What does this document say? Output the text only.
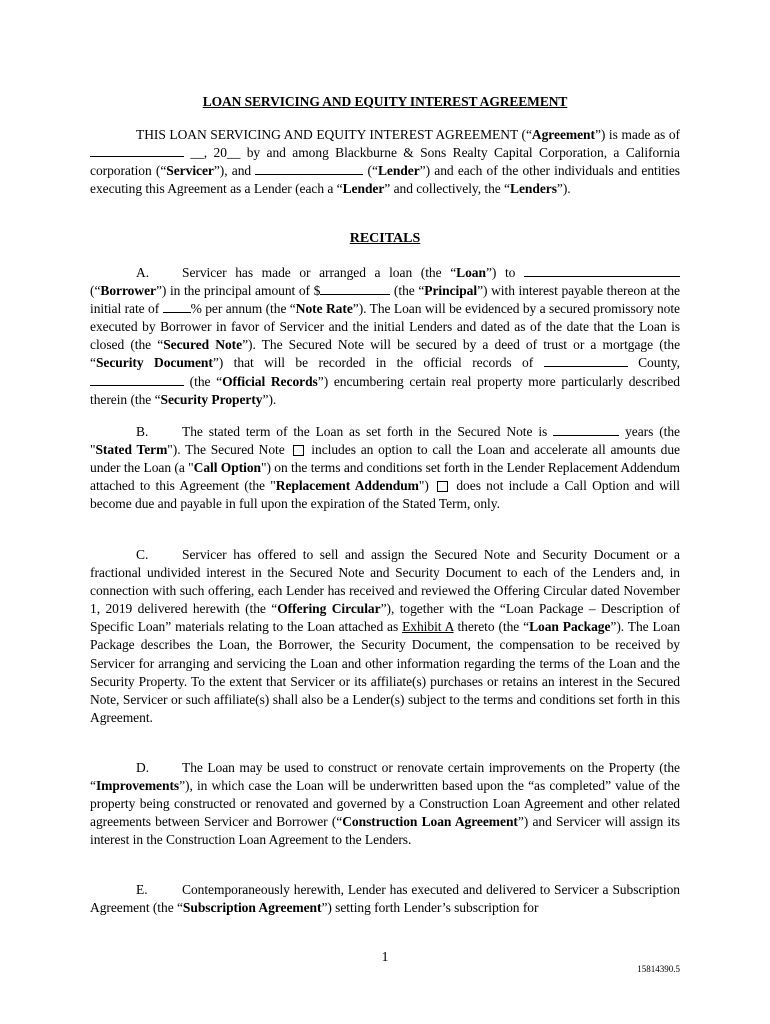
LOAN SERVICING AND EQUITY INTEREST AGREEMENT
THIS LOAN SERVICING AND EQUITY INTEREST AGREEMENT (“Agreement”) is made as of  __, 20__ by and among Blackburne & Sons Realty Capital Corporation, a California corporation (“Servicer”), and	(“Lender”) and each of the other individuals and entities executing this Agreement as a Lender (each a “Lender” and collectively, the “Lenders”).
RECITALS
A. Servicer has made or arranged a loan (the “Loan”) to  (“Borrower”) in the principal amount of $	(the “Principal”) with interest payable thereon at the initial rate of % per annum (the “Note Rate”). The Loan will be evidenced by a secured promissory note executed by Borrower in favor of Servicer and the initial Lenders and dated as of the date that the Loan is closed (the “Secured Note”). The Secured Note will be secured by a deed of trust or a mortgage (the “Security Document”) that will be recorded in the official records of	County,  (the “Official Records”) encumbering certain real property more particularly described therein (the “Security Property”).
B. The stated term of the Loan as set forth in the Secured Note is	years (the "Stated Term"). The Secured Note  includes an option to call the Loan and accelerate all amounts due under the Loan (a "Call Option") on the terms and conditions set forth in the Lender Replacement Addendum attached to this Agreement (the "Replacement Addendum")  does not include a Call Option and will become due and payable in full upon the expiration of the Stated Term, only.
C. Servicer has offered to sell and assign the Secured Note and Security Document or a fractional undivided interest in the Secured Note and Security Document to each of the Lenders and, in connection with such offering, each Lender has received and reviewed the Offering Circular dated November 1, 2019 delivered herewith (the “Offering Circular”), together with the “Loan Package – Description of Specific Loan” materials relating to the Loan attached as Exhibit A thereto (the “Loan Package”). The Loan Package describes the Loan, the Borrower, the Security Document, the compensation to be received by Servicer for arranging and servicing the Loan and other information regarding the terms of the Loan and the Security Property. To the extent that Servicer or its affiliate(s) purchases or retains an interest in the Secured Note, Servicer or such affiliate(s) shall also be a Lender(s) subject to the terms and conditions set forth in this Agreement.
D. The Loan may be used to construct or renovate certain improvements on the Property (the “Improvements”), in which case the Loan will be underwritten based upon the “as completed” value of the property being constructed or renovated and governed by a Construction Loan Agreement and other related agreements between Servicer and Borrower (“Construction Loan Agreement”) and Servicer will assign its interest in the Construction Loan Agreement to the Lenders.
E.	Contemporaneously herewith, Lender has executed and delivered to Servicer a Subscription Agreement (the “Subscription Agreement”) setting forth Lender’s subscription for
1
15814390.5
